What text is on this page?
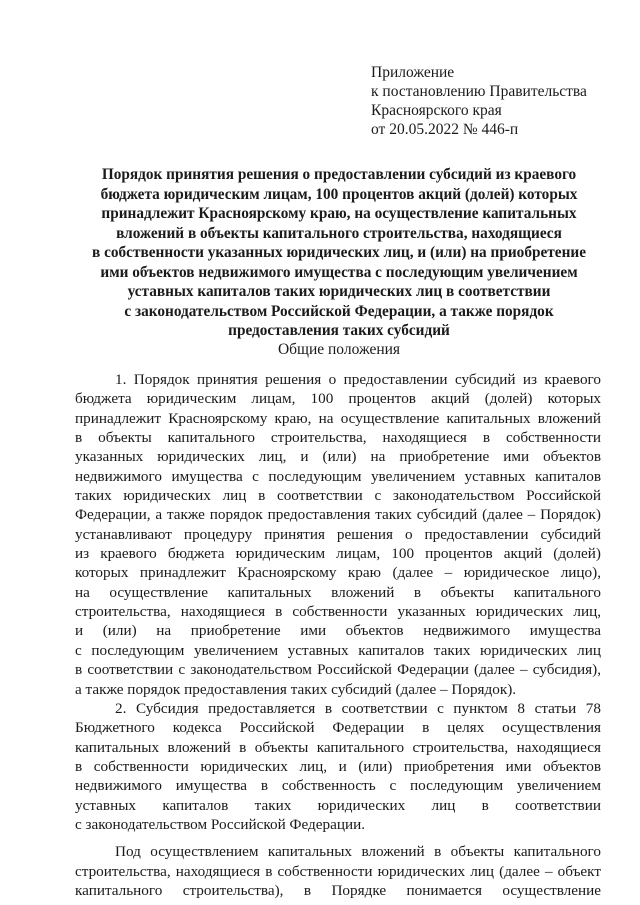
Приложение
к постановлению Правительства
Красноярского края
от 20.05.2022 № 446-п
Порядок принятия решения о предоставлении субсидий из краевого
бюджета юридическим лицам, 100 процентов акций (долей) которых
принадлежит Красноярскому краю, на осуществление капитальных
вложений в объекты капитального строительства, находящиеся
в собственности указанных юридических лиц, и (или) на приобретение
ими объектов недвижимого имущества с последующим увеличением
уставных капиталов таких юридических лиц в соответствии
с законодательством Российской Федерации, а также порядок
предоставления таких субсидий
Общие положения
1. Порядок принятия решения о предоставлении субсидий из краевого
бюджета юридическим лицам, 100 процентов акций (долей) которых
принадлежит Красноярскому краю, на осуществление капитальных вложений
в объекты капитального строительства, находящиеся в собственности
указанных юридических лиц, и (или) на приобретение ими объектов
недвижимого имущества с последующим увеличением уставных капиталов
таких юридических лиц в соответствии с законодательством Российской
Федерации, а также порядок предоставления таких субсидий (далее – Порядок)
устанавливают процедуру принятия решения о предоставлении субсидий
из краевого бюджета юридическим лицам, 100 процентов акций (долей)
которых принадлежит Красноярскому краю (далее – юридическое лицо),
на осуществление капитальных вложений в объекты капитального
строительства, находящиеся в собственности указанных юридических лиц,
и (или) на приобретение ими объектов недвижимого имущества
с последующим увеличением уставных капиталов таких юридических лиц
в соответствии с законодательством Российской Федерации (далее – субсидия),
а также порядок предоставления таких субсидий (далее – Порядок).
2. Субсидия предоставляется в соответствии с пунктом 8 статьи 78
Бюджетного кодекса Российской Федерации в целях осуществления
капитальных вложений в объекты капитального строительства, находящиеся
в собственности юридических лиц, и (или) приобретения ими объектов
недвижимого имущества в собственность с последующим увеличением
уставных капиталов таких юридических лиц в соответствии
с законодательством Российской Федерации.
Под осуществлением капитальных вложений в объекты капитального
строительства, находящиеся в собственности юридических лиц (далее – объект
капитального строительства), в Порядке понимается осуществление
